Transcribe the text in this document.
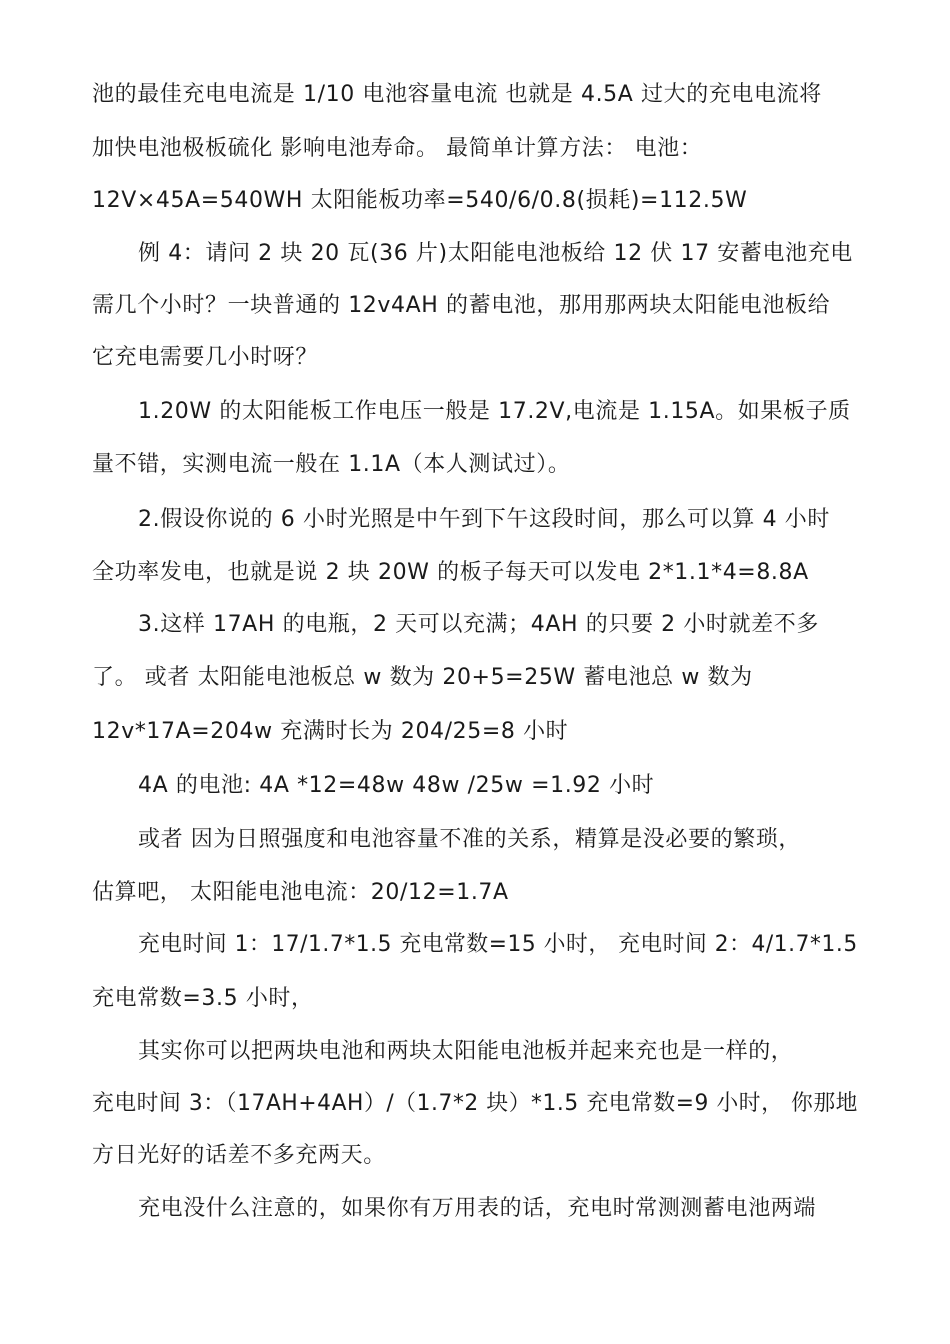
池的最佳充电电流是 1/10 电池容量电流 也就是 4.5A 过大的充电电流将
加快电池极板硫化 影响电池寿命。 最简单计算方法： 电池：
12V×45A=540WH 太阳能板功率=540/6/0.8(损耗)=112.5W
例 4：请问 2 块 20 瓦(36 片)太阳能电池板给 12 伏 17 安蓄电池充电
需几个小时？一块普通的 12v4AH 的蓄电池，那用那两块太阳能电池板给
它充电需要几小时呀？
1.20W 的太阳能板工作电压一般是 17.2V,电流是 1.15A。如果板子质
量不错，实测电流一般在 1.1A（本人测试过）。
2.假设你说的 6 小时光照是中午到下午这段时间，那么可以算 4 小时
全功率发电，也就是说 2 块 20W 的板子每天可以发电 2*1.1*4=8.8A
3.这样 17AH 的电瓶，2 天可以充满；4AH 的只要 2 小时就差不多
了。 或者 太阳能电池板总 w 数为 20+5=25W 蓄电池总 w 数为
12v*17A=204w 充满时长为 204/25=8 小时
4A 的电池: 4A *12=48w 48w /25w =1.92 小时
或者 因为日照强度和电池容量不准的关系，精算是没必要的繁琐，
估算吧， 太阳能电池电流：20/12=1.7A
充电时间 1：17/1.7*1.5 充电常数=15 小时， 充电时间 2：4/1.7*1.5
充电常数=3.5 小时，
其实你可以把两块电池和两块太阳能电池板并起来充也是一样的，
充电时间 3：（17AH+4AH）/（1.7*2 块）*1.5 充电常数=9 小时， 你那地
方日光好的话差不多充两天。
充电没什么注意的，如果你有万用表的话，充电时常测测蓄电池两端
